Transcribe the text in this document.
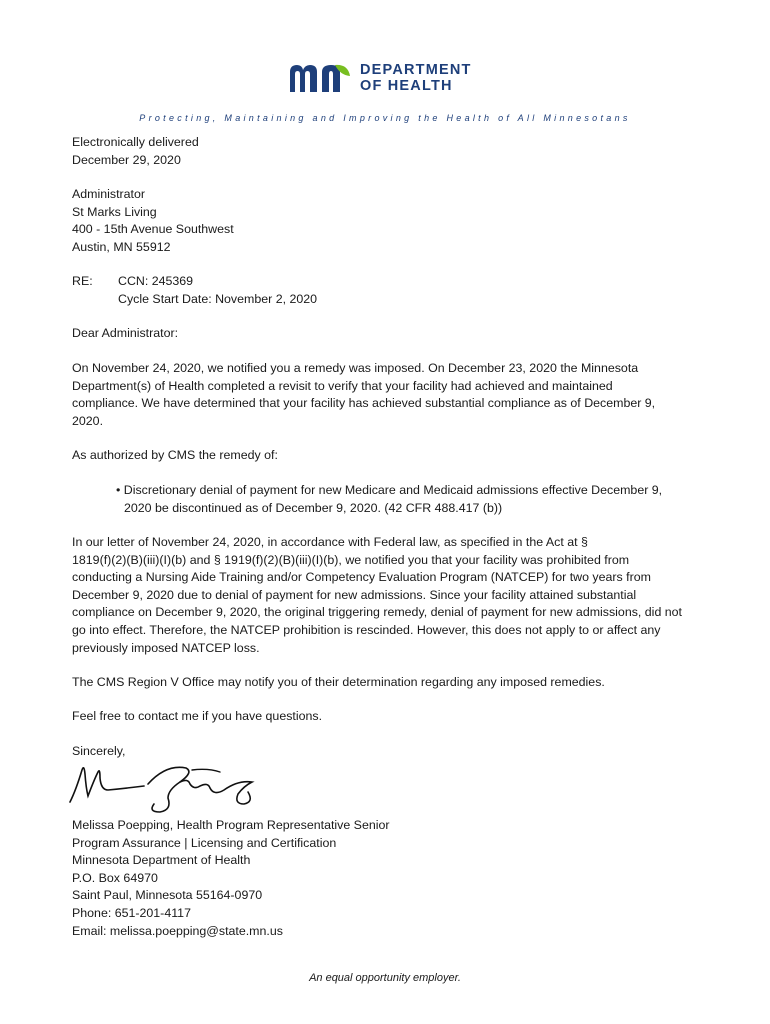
DEPARTMENT
OF HEALTH
Protecting, Maintaining and Improving the Health of All Minnesotans
Electronically delivered
December 29, 2020
Administrator
St Marks Living
400 - 15th Avenue Southwest
Austin, MN 55912
RE: CCN: 245369
Cycle Start Date: November 2, 2020
Dear Administrator:
On November 24, 2020, we notified you a remedy was imposed. On December 23, 2020 the Minnesota
Department(s) of Health completed a revisit to verify that your facility had achieved and maintained
compliance. We have determined that your facility has achieved substantial compliance as of December 9,
2020.
As authorized by CMS the remedy of:
• Discretionary denial of payment for new Medicare and Medicaid admissions effective December 9,
2020 be discontinued as of December 9, 2020. (42 CFR 488.417 (b))
In our letter of November 24, 2020, in accordance with Federal law, as specified in the Act at §
1819(f)(2)(B)(iii)(I)(b) and § 1919(f)(2)(B)(iii)(I)(b), we notified you that your facility was prohibited from
conducting a Nursing Aide Training and/or Competency Evaluation Program (NATCEP) for two years from
December 9, 2020 due to denial of payment for new admissions. Since your facility attained substantial
compliance on December 9, 2020, the original triggering remedy, denial of payment for new admissions, did not
go into effect. Therefore, the NATCEP prohibition is rescinded. However, this does not apply to or affect any
previously imposed NATCEP loss.
The CMS Region V Office may notify you of their determination regarding any imposed remedies.
Feel free to contact me if you have questions.
Sincerely,
Melissa Poepping, Health Program Representative Senior
Program Assurance | Licensing and Certification
Minnesota Department of Health
P.O. Box 64970
Saint Paul, Minnesota 55164-0970
Phone: 651-201-4117
Email: melissa.poepping@state.mn.us
An equal opportunity employer.
